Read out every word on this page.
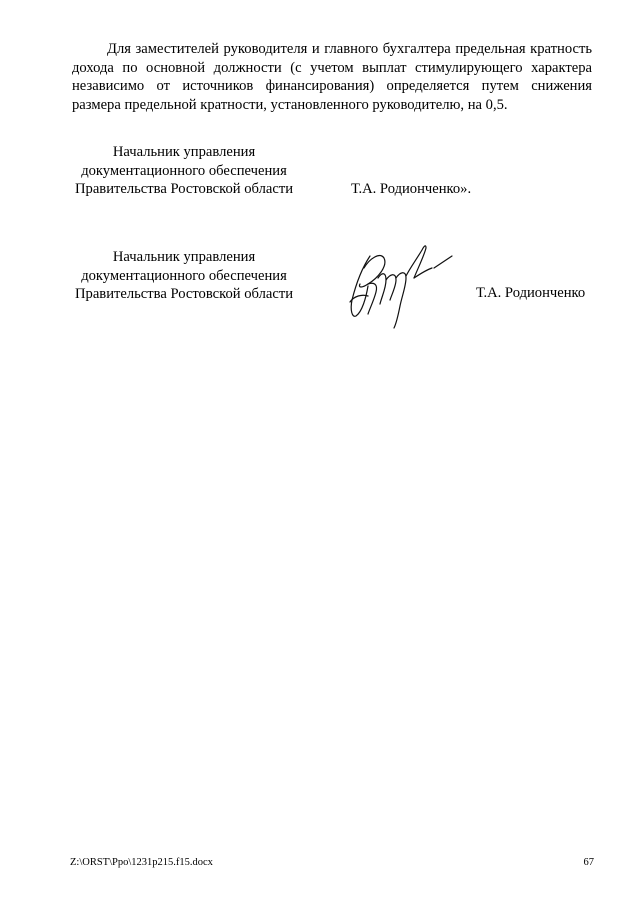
Для заместителей руководителя и главного бухгалтера предельная кратность дохода по основной должности (с учетом выплат стимулирующего характера независимо от источников финансирования) определяется путем снижения размера предельной кратности, установленного руководителю, на 0,5.

Начальник управления
документационного обеспечения
Правительства Ростовской области	Т.А. Родионченко».
Начальник управления
документационного обеспечения
Правительства Ростовской области	Т.А. Родионченко
Z:\ORST\Ppo\1231p215.f15.docx	67
